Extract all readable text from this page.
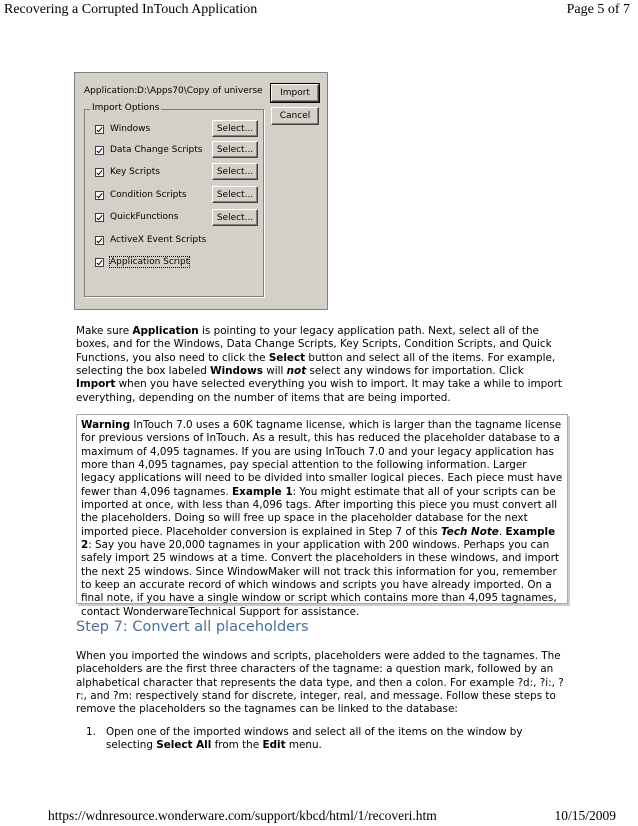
Recovering a Corrupted InTouch Application	Page 5 of 7
Application: D:\Apps70\Copy of universe	Import
Cancel
Import Options
Windows	Select...
Data Change Scripts	Select...
Key Scripts	Select...
Condition Scripts	Select...
QuickFunctions	Select...
ActiveX Event Scripts
Application Script
Make sure Application is pointing to your legacy application path. Next, select all of the boxes, and for the Windows, Data Change Scripts, Key Scripts, Condition Scripts, and Quick Functions, you also need to click the Select button and select all of the items. For example, selecting the box labeled Windows will not select any windows for importation. Click Import when you have selected everything you wish to import. It may take a while to import everything, depending on the number of items that are being imported.
Warning InTouch 7.0 uses a 60K tagname license, which is larger than the tagname license for previous versions of InTouch. As a result, this has reduced the placeholder database to a maximum of 4,095 tagnames. If you are using InTouch 7.0 and your legacy application has more than 4,095 tagnames, pay special attention to the following information. Larger legacy applications will need to be divided into smaller logical pieces. Each piece must have fewer than 4,096 tagnames. Example 1: You might estimate that all of your scripts can be imported at once, with less than 4,096 tags. After importing this piece you must convert all the placeholders. Doing so will free up space in the placeholder database for the next imported piece. Placeholder conversion is explained in Step 7 of this Tech Note. Example 2: Say you have 20,000 tagnames in your application with 200 windows. Perhaps you can safely import 25 windows at a time. Convert the placeholders in these windows, and import the next 25 windows. Since WindowMaker will not track this information for you, remember to keep an accurate record of which windows and scripts you have already imported. On a final note, if you have a single window or script which contains more than 4,095 tagnames, contact WonderwareTechnical Support for assistance.
Step 7: Convert all placeholders
When you imported the windows and scripts, placeholders were added to the tagnames. The placeholders are the first three characters of the tagname: a question mark, followed by an alphabetical character that represents the data type, and then a colon. For example ?d:, ?i:, ?r:, and ?m: respectively stand for discrete, integer, real, and message. Follow these steps to remove the placeholders so the tagnames can be linked to the database:
1. Open one of the imported windows and select all of the items on the window by selecting Select All from the Edit menu.
https://wdnresource.wonderware.com/support/kbcd/html/1/recoveri.htm	10/15/2009
